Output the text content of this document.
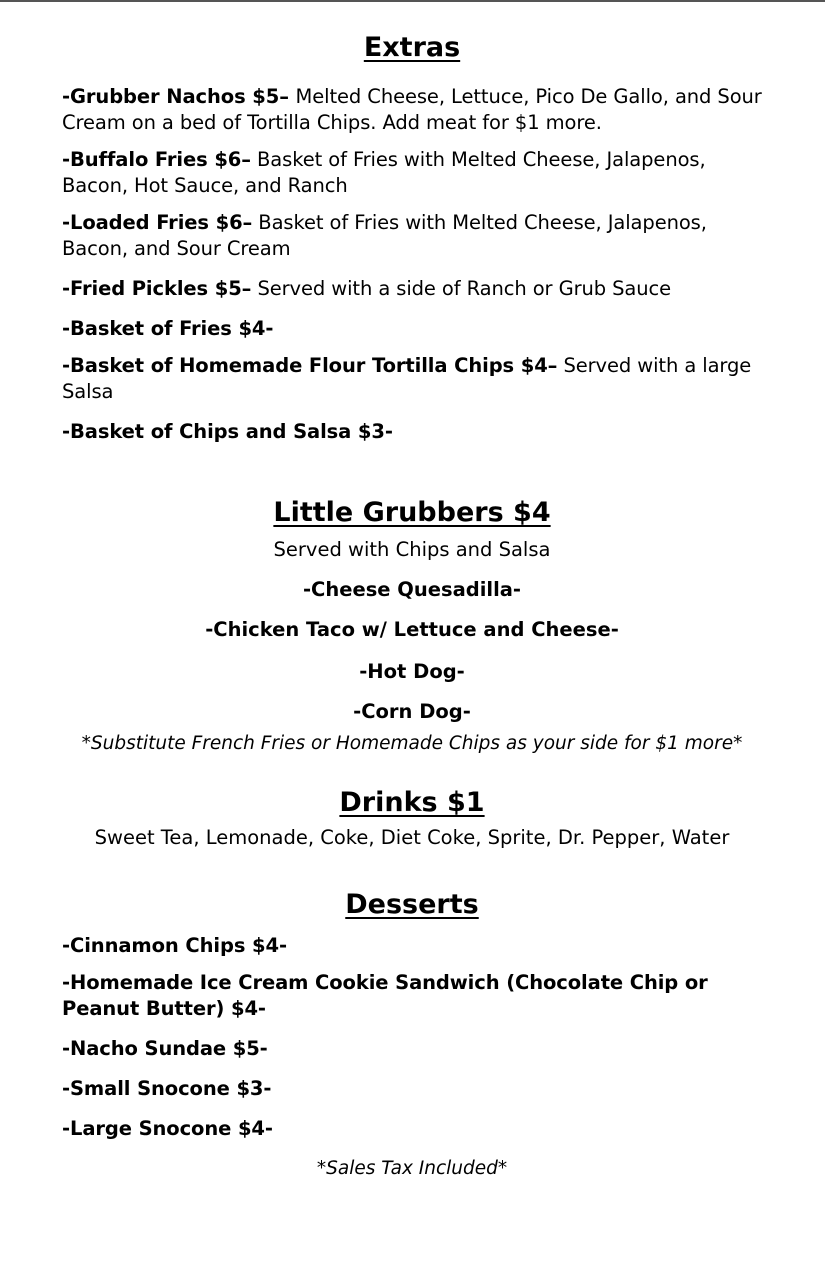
Extras

-Grubber Nachos $5– Melted Cheese, Lettuce, Pico De Gallo, and Sour Cream on a bed of Tortilla Chips. Add meat for $1 more.

-Buffalo Fries $6– Basket of Fries with Melted Cheese, Jalapenos, Bacon, Hot Sauce, and Ranch

-Loaded Fries $6– Basket of Fries with Melted Cheese, Jalapenos, Bacon, and Sour Cream

-Fried Pickles $5– Served with a side of Ranch or Grub Sauce

-Basket of Fries $4-

-Basket of Homemade Flour Tortilla Chips $4– Served with a large Salsa

-Basket of Chips and Salsa $3-

Little Grubbers $4

Served with Chips and Salsa

-Cheese Quesadilla-

-Chicken Taco w/ Lettuce and Cheese-

-Hot Dog-

-Corn Dog-

*Substitute French Fries or Homemade Chips as your side for $1 more*

Drinks $1

Sweet Tea, Lemonade, Coke, Diet Coke, Sprite, Dr. Pepper, Water

Desserts

-Cinnamon Chips $4-

-Homemade Ice Cream Cookie Sandwich (Chocolate Chip or Peanut Butter) $4-

-Nacho Sundae $5-

-Small Snocone $3-

-Large Snocone $4-

*Sales Tax Included*
